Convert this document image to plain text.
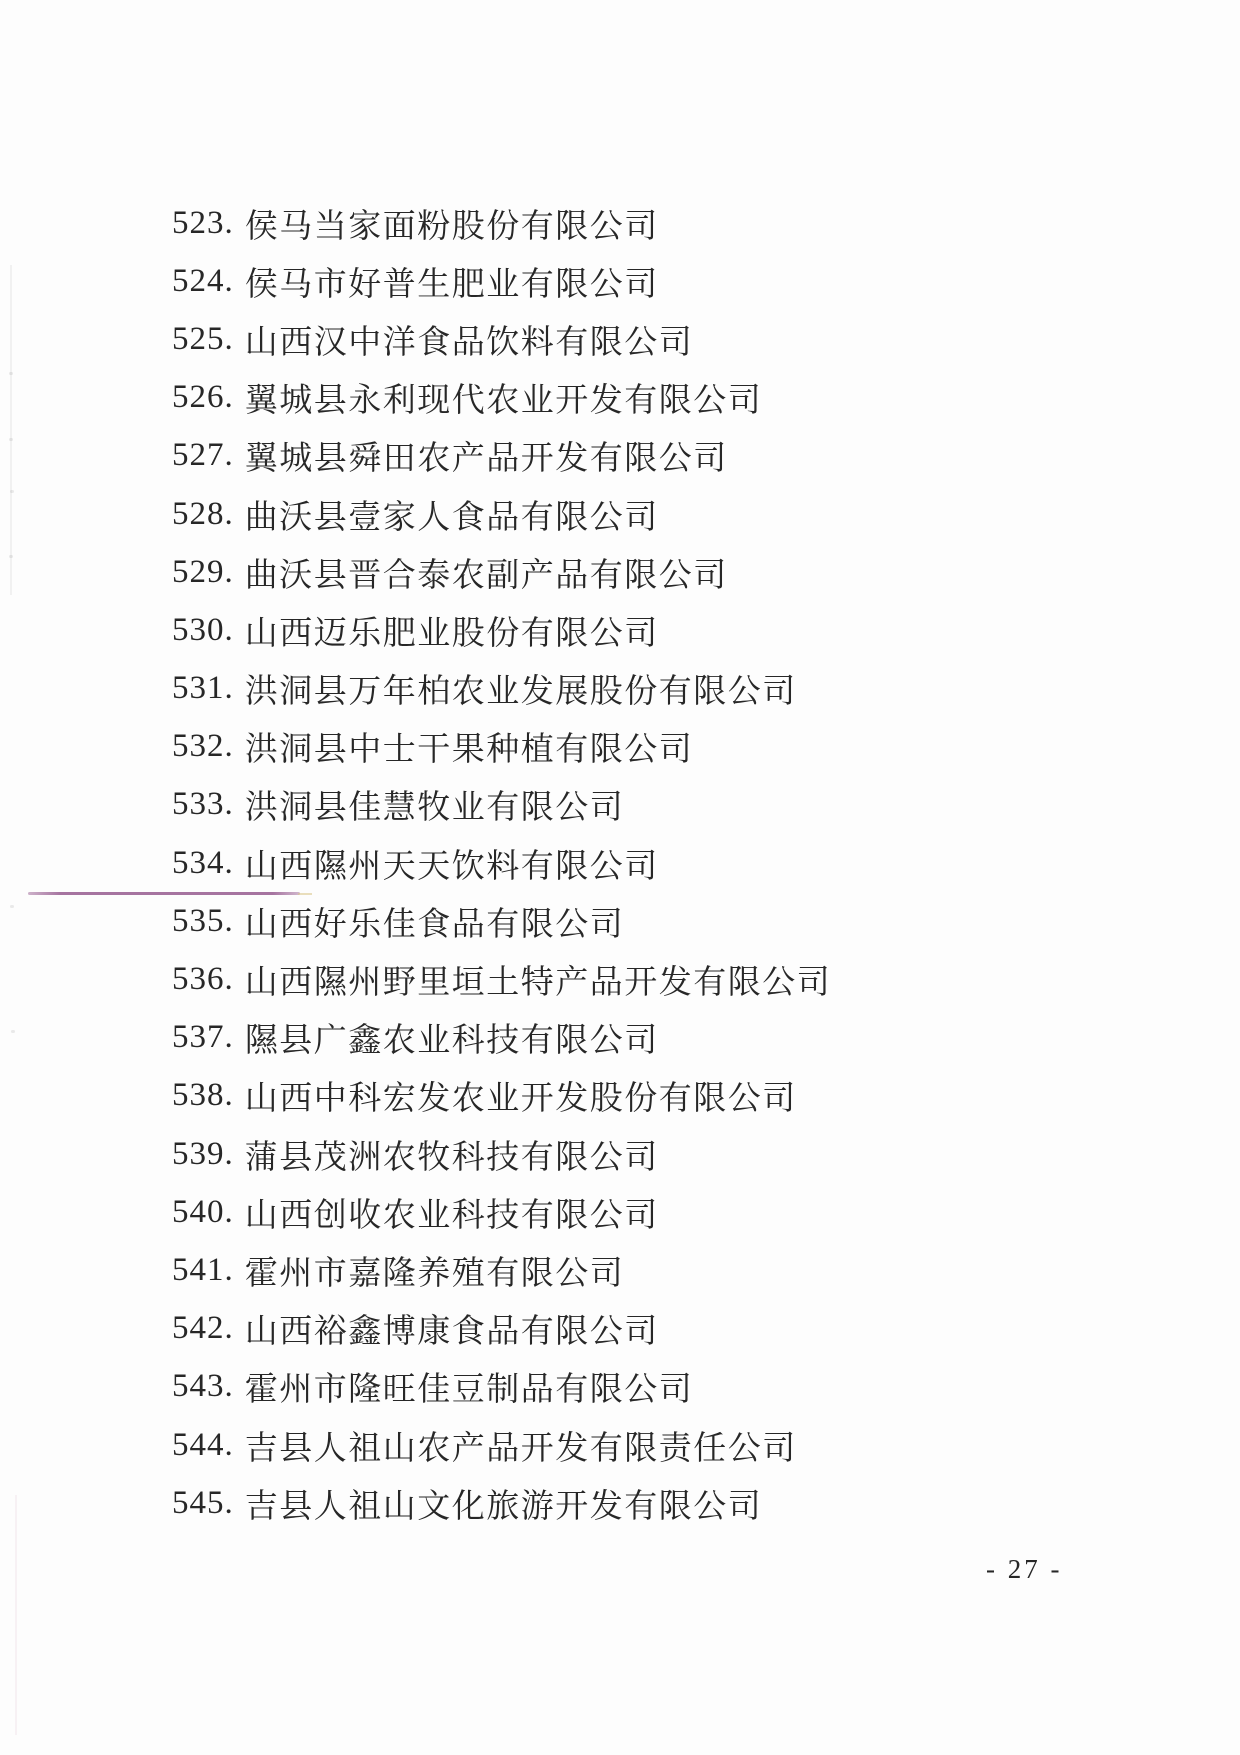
523. 侯马当家面粉股份有限公司
524. 侯马市好普生肥业有限公司
525. 山西汉中洋食品饮料有限公司
526. 翼城县永利现代农业开发有限公司
527. 翼城县舜田农产品开发有限公司
528. 曲沃县壹家人食品有限公司
529. 曲沃县晋合泰农副产品有限公司
530. 山西迈乐肥业股份有限公司
531. 洪洞县万年柏农业发展股份有限公司
532. 洪洞县中士干果种植有限公司
533. 洪洞县佳慧牧业有限公司
534. 山西隰州天天饮料有限公司
535. 山西好乐佳食品有限公司
536. 山西隰州野里垣土特产品开发有限公司
537. 隰县广鑫农业科技有限公司
538. 山西中科宏发农业开发股份有限公司
539. 蒲县茂洲农牧科技有限公司
540. 山西创收农业科技有限公司
541. 霍州市嘉隆养殖有限公司
542. 山西裕鑫博康食品有限公司
543. 霍州市隆旺佳豆制品有限公司
544. 吉县人祖山农产品开发有限责任公司
545. 吉县人祖山文化旅游开发有限公司
- 27 -
